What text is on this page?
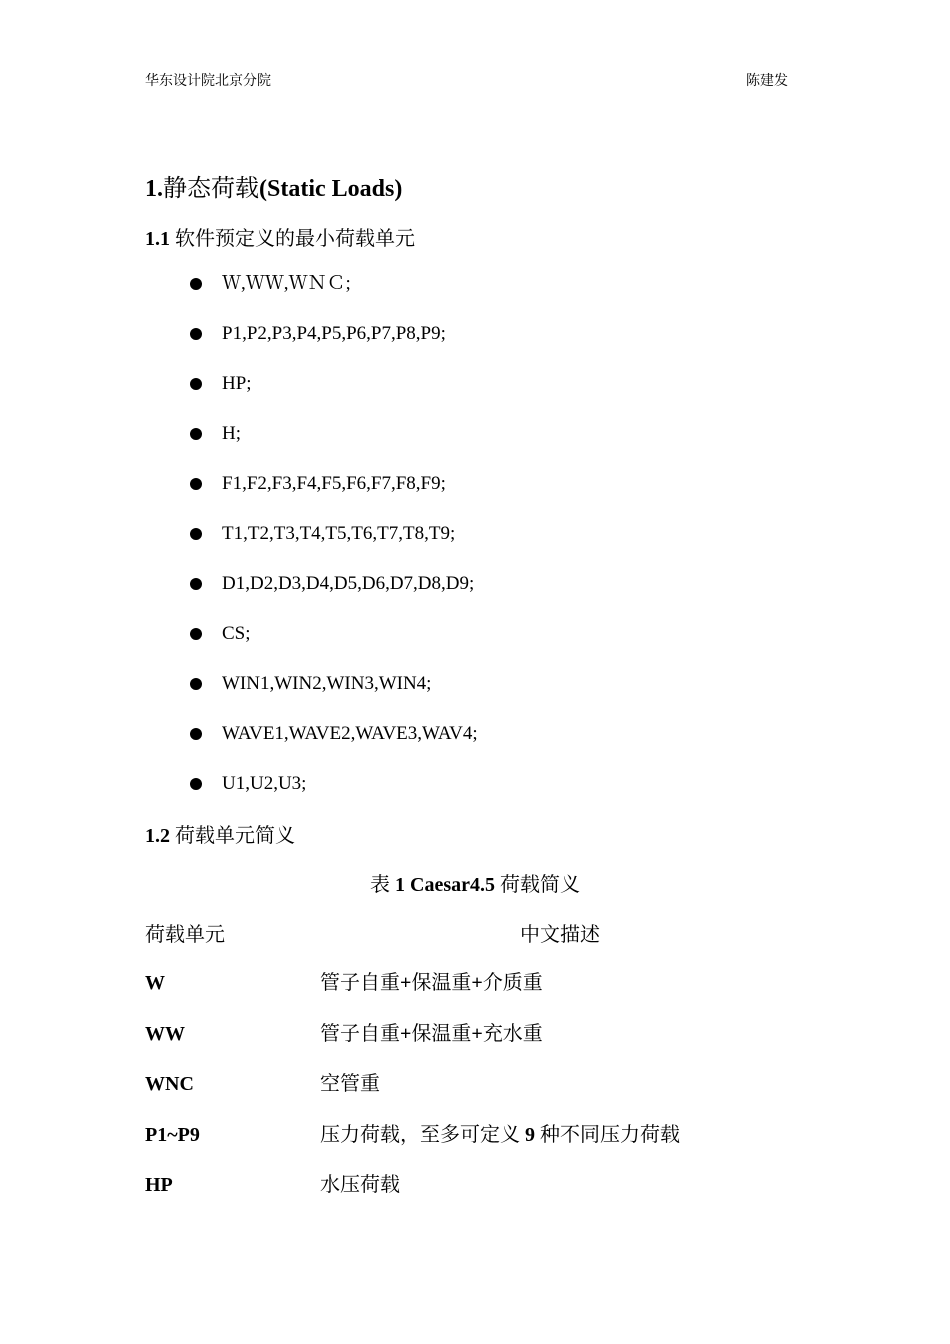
华东设计院北京分院	陈建发
1.静态荷载(Static Loads)
1.1 软件预定义的最小荷载单元
Ｗ,ＷＷ,ＷＮＣ;
P1,P2,P3,P4,P5,P6,P7,P8,P9;
HP;
H;
F1,F2,F3,F4,F5,F6,F7,F8,F9;
T1,T2,T3,T4,T5,T6,T7,T8,T9;
D1,D2,D3,D4,D5,D6,D7,D8,D9;
CS;
WIN1,WIN2,WIN3,WIN4;
WAVE1,WAVE2,WAVE3,WAV4;
U1,U2,U3;
1.2 荷载单元简义
表 1 Caesar4.5 荷载简义
荷载单元	中文描述
W	管子自重+保温重+介质重
WW	管子自重+保温重+充水重
WNC	空管重
P1~P9	压力荷载，至多可定义 9 种不同压力荷载
HP	水压荷载
